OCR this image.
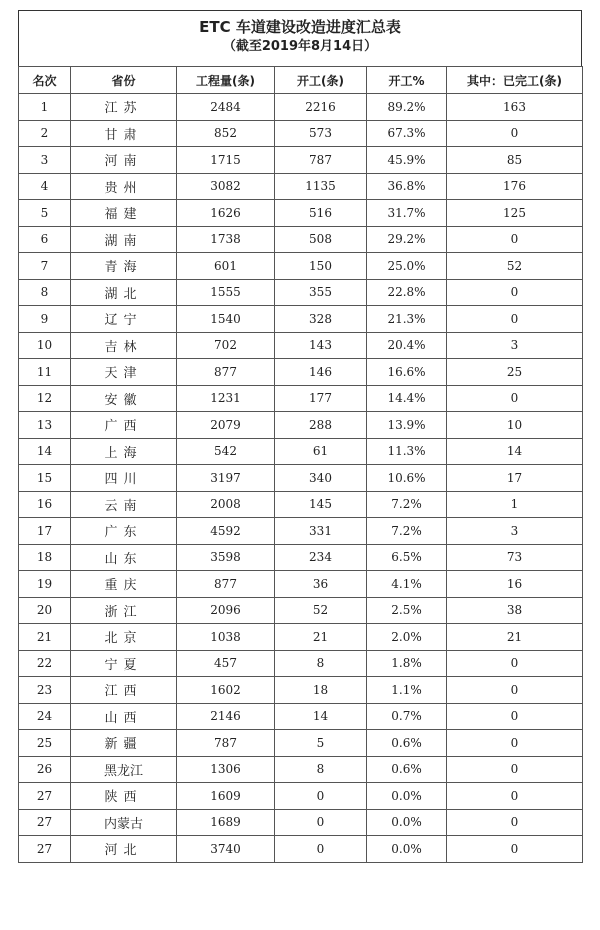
ETC 车道建设改造进度汇总表
（截至2019年8月14日）
名次	省份	工程量(条)	开工(条)	开工%	其中：已完工(条)
1	江苏	2484	2216	89.2%	163
2	甘肃	852	573	67.3%	0
3	河南	1715	787	45.9%	85
4	贵州	3082	1135	36.8%	176
5	福建	1626	516	31.7%	125
6	湖南	1738	508	29.2%	0
7	青海	601	150	25.0%	52
8	湖北	1555	355	22.8%	0
9	辽宁	1540	328	21.3%	0
10	吉林	702	143	20.4%	3
11	天津	877	146	16.6%	25
12	安徽	1231	177	14.4%	0
13	广西	2079	288	13.9%	10
14	上海	542	61	11.3%	14
15	四川	3197	340	10.6%	17
16	云南	2008	145	7.2%	1
17	广东	4592	331	7.2%	3
18	山东	3598	234	6.5%	73
19	重庆	877	36	4.1%	16
20	浙江	2096	52	2.5%	38
21	北京	1038	21	2.0%	21
22	宁夏	457	8	1.8%	0
23	江西	1602	18	1.1%	0
24	山西	2146	14	0.7%	0
25	新疆	787	5	0.6%	0
26	黑龙江	1306	8	0.6%	0
27	陕西	1609	0	0.0%	0
27	内蒙古	1689	0	0.0%	0
27	河北	3740	0	0.0%	0
